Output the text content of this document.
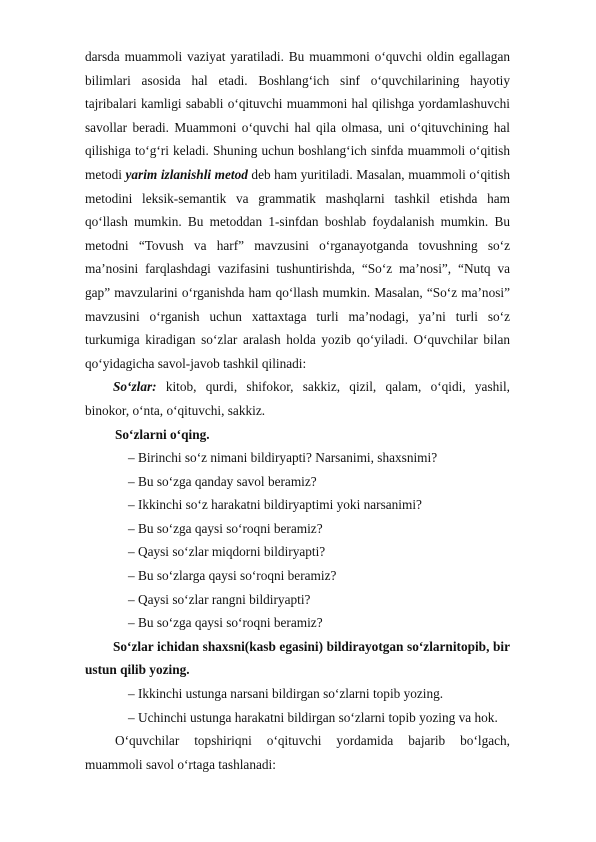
darsda muammoli vaziyat yaratiladi. Bu muammoni o‘quvchi oldin egallagan bilimlari asosida hal etadi. Boshlang‘ich sinf o‘quvchilarining hayotiy tajribalari kamligi sababli o‘qituvchi muammoni hal qilishga yordamlashuvchi savollar beradi. Muammoni o‘quvchi hal qila olmasa, uni o‘qituvchining hal qilishiga to‘g‘ri keladi. Shuning uchun boshlang‘ich sinfda muammoli o‘qitish metodi yarim izlanishli metod deb ham yuritiladi. Masalan, muammoli o‘qitish metodini leksik-semantik va grammatik mashqlarni tashkil etishda ham qo‘llash mumkin. Bu metoddan 1-sinfdan boshlab foydalanish mumkin. Bu metodni “Tovush va harf” mavzusini o‘rganayotganda tovushning so‘z ma’nosini farqlashdagi vazifasini tushuntirishda, “So‘z ma’nosi”, “Nutq va gap” mavzularini o‘rganishda ham qo‘llash mumkin. Masalan, “So‘z ma’nosi” mavzusini o‘rganish uchun xattaxtaga turli ma’nodagi, ya’ni turli so‘z turkumiga kiradigan so‘zlar aralash holda yozib qo‘yiladi. O‘quvchilar bilan qo‘yidagicha savol-javob tashkil qilinadi:

So‘zlar: kitob, qurdi, shifokor, sakkiz, qizil, qalam, o‘qidi, yashil, binokor, o‘nta, o‘qituvchi, sakkiz.

So‘zlarni o‘qing.

– Birinchi so‘z nimani bildiryapti? Narsanimi, shaxsnimi?

– Bu so‘zga qanday savol beramiz?

– Ikkinchi so‘z harakatni bildiryaptimi yoki narsanimi?

– Bu so‘zga qaysi so‘roqni beramiz?

– Qaysi so‘zlar miqdorni bildiryapti?

– Bu so‘zlarga qaysi so‘roqni beramiz?

– Qaysi so‘zlar rangni bildiryapti?

– Bu so‘zga qaysi so‘roqni beramiz?

So‘zlar ichidan shaxsni(kasb egasini) bildirayotgan so‘zlarnitopib, bir ustun qilib yozing.

– Ikkinchi ustunga narsani bildirgan so‘zlarni topib yozing.

– Uchinchi ustunga harakatni bildirgan so‘zlarni topib yozing va hok.

O‘quvchilar topshiriqni o‘qituvchi yordamida bajarib bo‘lgach, muammoli savol o‘rtaga tashlanadi:
